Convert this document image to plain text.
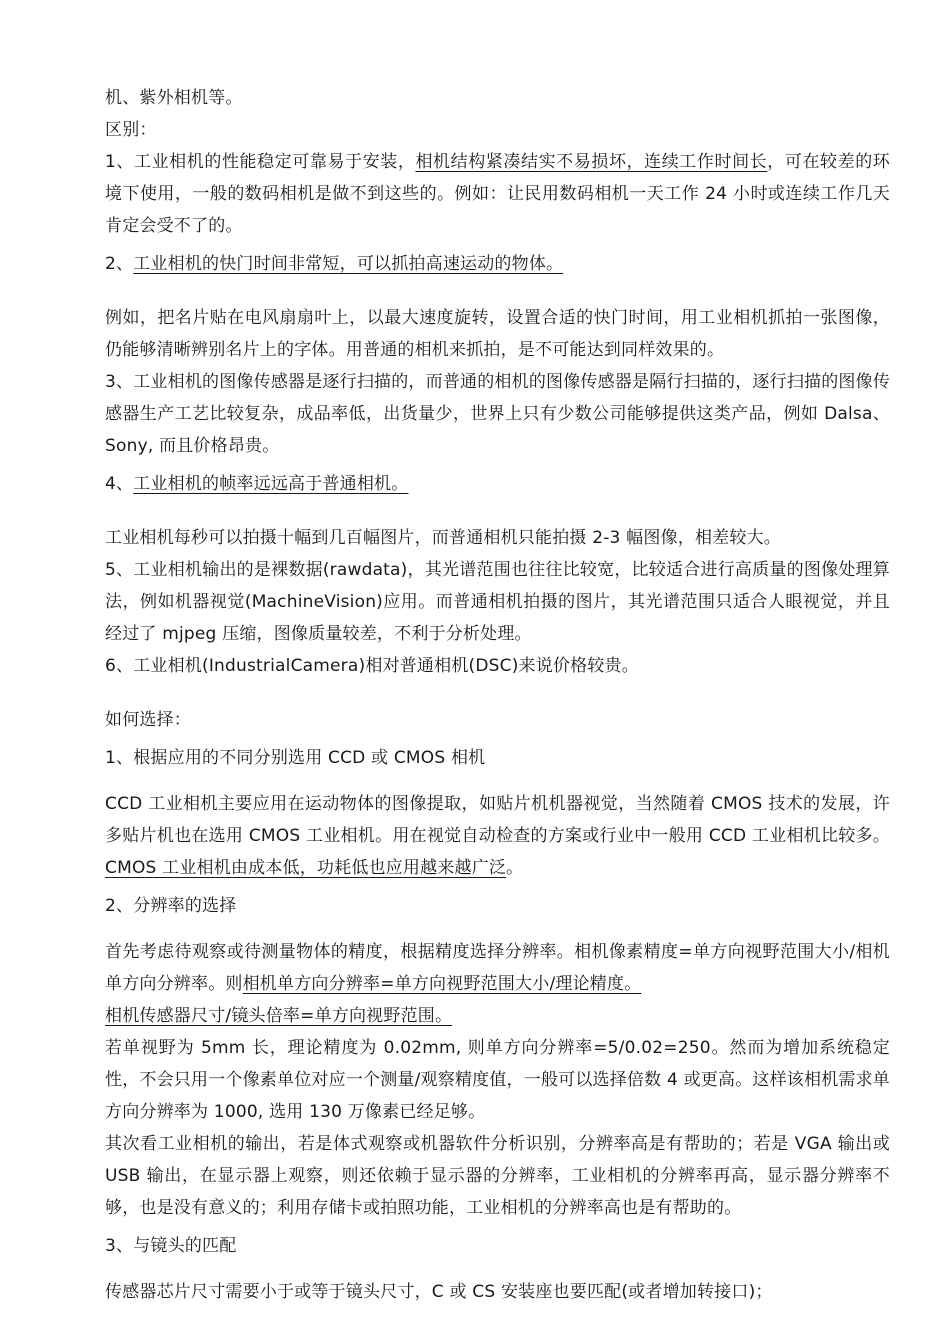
机、紫外相机等。

区别：

1、工业相机的性能稳定可靠易于安装，相机结构紧凑结实不易损坏，连续工作时间长，可在较差的环境下使用，一般的数码相机是做不到这些的。例如：让民用数码相机一天工作 24 小时或连续工作几天肯定会受不了的。

2、工业相机的快门时间非常短，可以抓拍高速运动的物体。

例如，把名片贴在电风扇扇叶上，以最大速度旋转，设置合适的快门时间，用工业相机抓拍一张图像，仍能够清晰辨别名片上的字体。用普通的相机来抓拍，是不可能达到同样效果的。

3、工业相机的图像传感器是逐行扫描的，而普通的相机的图像传感器是隔行扫描的，逐行扫描的图像传感器生产工艺比较复杂，成品率低，出货量少，世界上只有少数公司能够提供这类产品，例如 Dalsa、Sony, 而且价格昂贵。

4、工业相机的帧率远远高于普通相机。

工业相机每秒可以拍摄十幅到几百幅图片，而普通相机只能拍摄 2-3 幅图像，相差较大。

5、工业相机输出的是裸数据(rawdata)，其光谱范围也往往比较宽，比较适合进行高质量的图像处理算法，例如机器视觉(MachineVision)应用。而普通相机拍摄的图片，其光谱范围只适合人眼视觉，并且经过了 mjpeg 压缩，图像质量较差，不利于分析处理。

6、工业相机(IndustrialCamera)相对普通相机(DSC)来说价格较贵。

如何选择：

1、根据应用的不同分别选用 CCD 或 CMOS 相机

CCD 工业相机主要应用在运动物体的图像提取，如贴片机机器视觉，当然随着 CMOS 技术的发展，许多贴片机也在选用 CMOS 工业相机。用在视觉自动检查的方案或行业中一般用 CCD 工业相机比较多。CMOS 工业相机由成本低，功耗低也应用越来越广泛。

2、分辨率的选择

首先考虑待观察或待测量物体的精度，根据精度选择分辨率。相机像素精度=单方向视野范围大小/相机单方向分辨率。则相机单方向分辨率=单方向视野范围大小/理论精度。

相机传感器尺寸/镜头倍率=单方向视野范围。

若单视野为 5mm 长，理论精度为 0.02mm, 则单方向分辨率=5/0.02=250。然而为增加系统稳定性，不会只用一个像素单位对应一个测量/观察精度值，一般可以选择倍数 4 或更高。这样该相机需求单方向分辨率为 1000, 选用 130 万像素已经足够。

其次看工业相机的输出，若是体式观察或机器软件分析识别，分辨率高是有帮助的；若是 VGA 输出或 USB 输出，在显示器上观察，则还依赖于显示器的分辨率，工业相机的分辨率再高，显示器分辨率不够，也是没有意义的；利用存储卡或拍照功能，工业相机的分辨率高也是有帮助的。

3、与镜头的匹配

传感器芯片尺寸需要小于或等于镜头尺寸，C 或 CS 安装座也要匹配(或者增加转接口)；
